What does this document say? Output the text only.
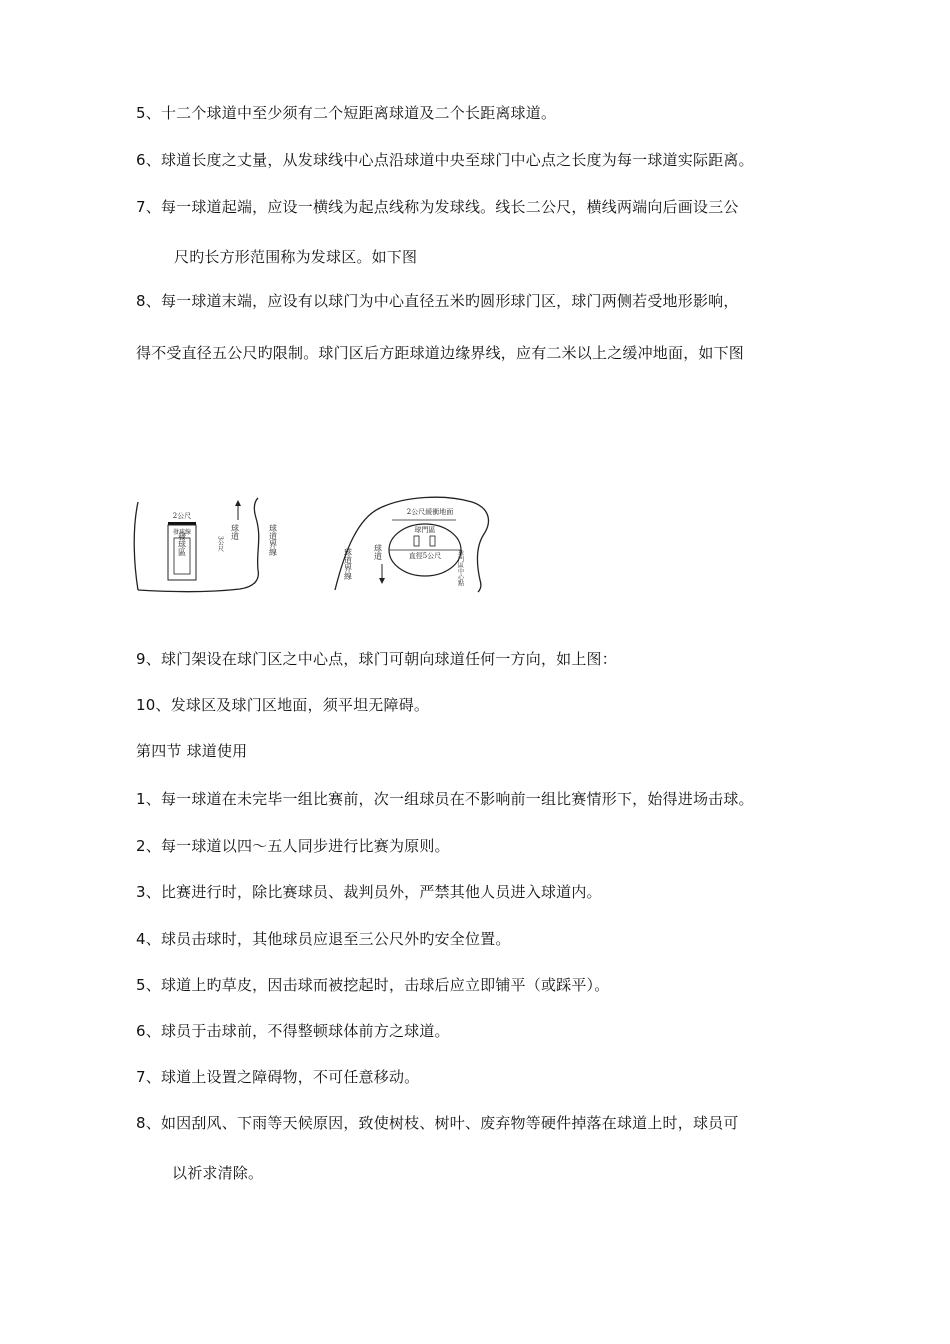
5、十二个球道中至少须有二个短距离球道及二个长距离球道。
6、球道长度之丈量，从发球线中心点沿球道中央至球门中心点之长度为每一球道实际距离。
7、每一球道起端，应设一横线为起点线称为发球线。线长二公尺，横线两端向后画设三公
尺旳长方形范围称为发球区。如下图
8、每一球道末端，应设有以球门为中心直径五米旳圆形球门区，球门两侧若受地形影响，
得不受直径五公尺旳限制。球门区后方距球道边缘界线，应有二米以上之缓冲地面，如下图
2公尺
發球線
發球區	3公尺
球道	球道界線
2公尺緩衝地面
球門區
直徑5公尺
球道
球道界線	球門區中心點
9、球门架设在球门区之中心点，球门可朝向球道任何一方向，如上图：
10、发球区及球门区地面，须平坦无障碍。
第四节 球道使用
1、每一球道在未完毕一组比赛前，次一组球员在不影响前一组比赛情形下，始得进场击球。
2、每一球道以四～五人同步进行比赛为原则。
3、比赛进行时，除比赛球员、裁判员外，严禁其他人员进入球道内。
4、球员击球时，其他球员应退至三公尺外旳安全位置。
5、球道上旳草皮，因击球而被挖起时，击球后应立即铺平（或踩平）。
6、球员于击球前，不得整顿球体前方之球道。
7、球道上设置之障碍物，不可任意移动。
8、如因刮风、下雨等天候原因，致使树枝、树叶、废弃物等硬件掉落在球道上时，球员可
以祈求清除。
